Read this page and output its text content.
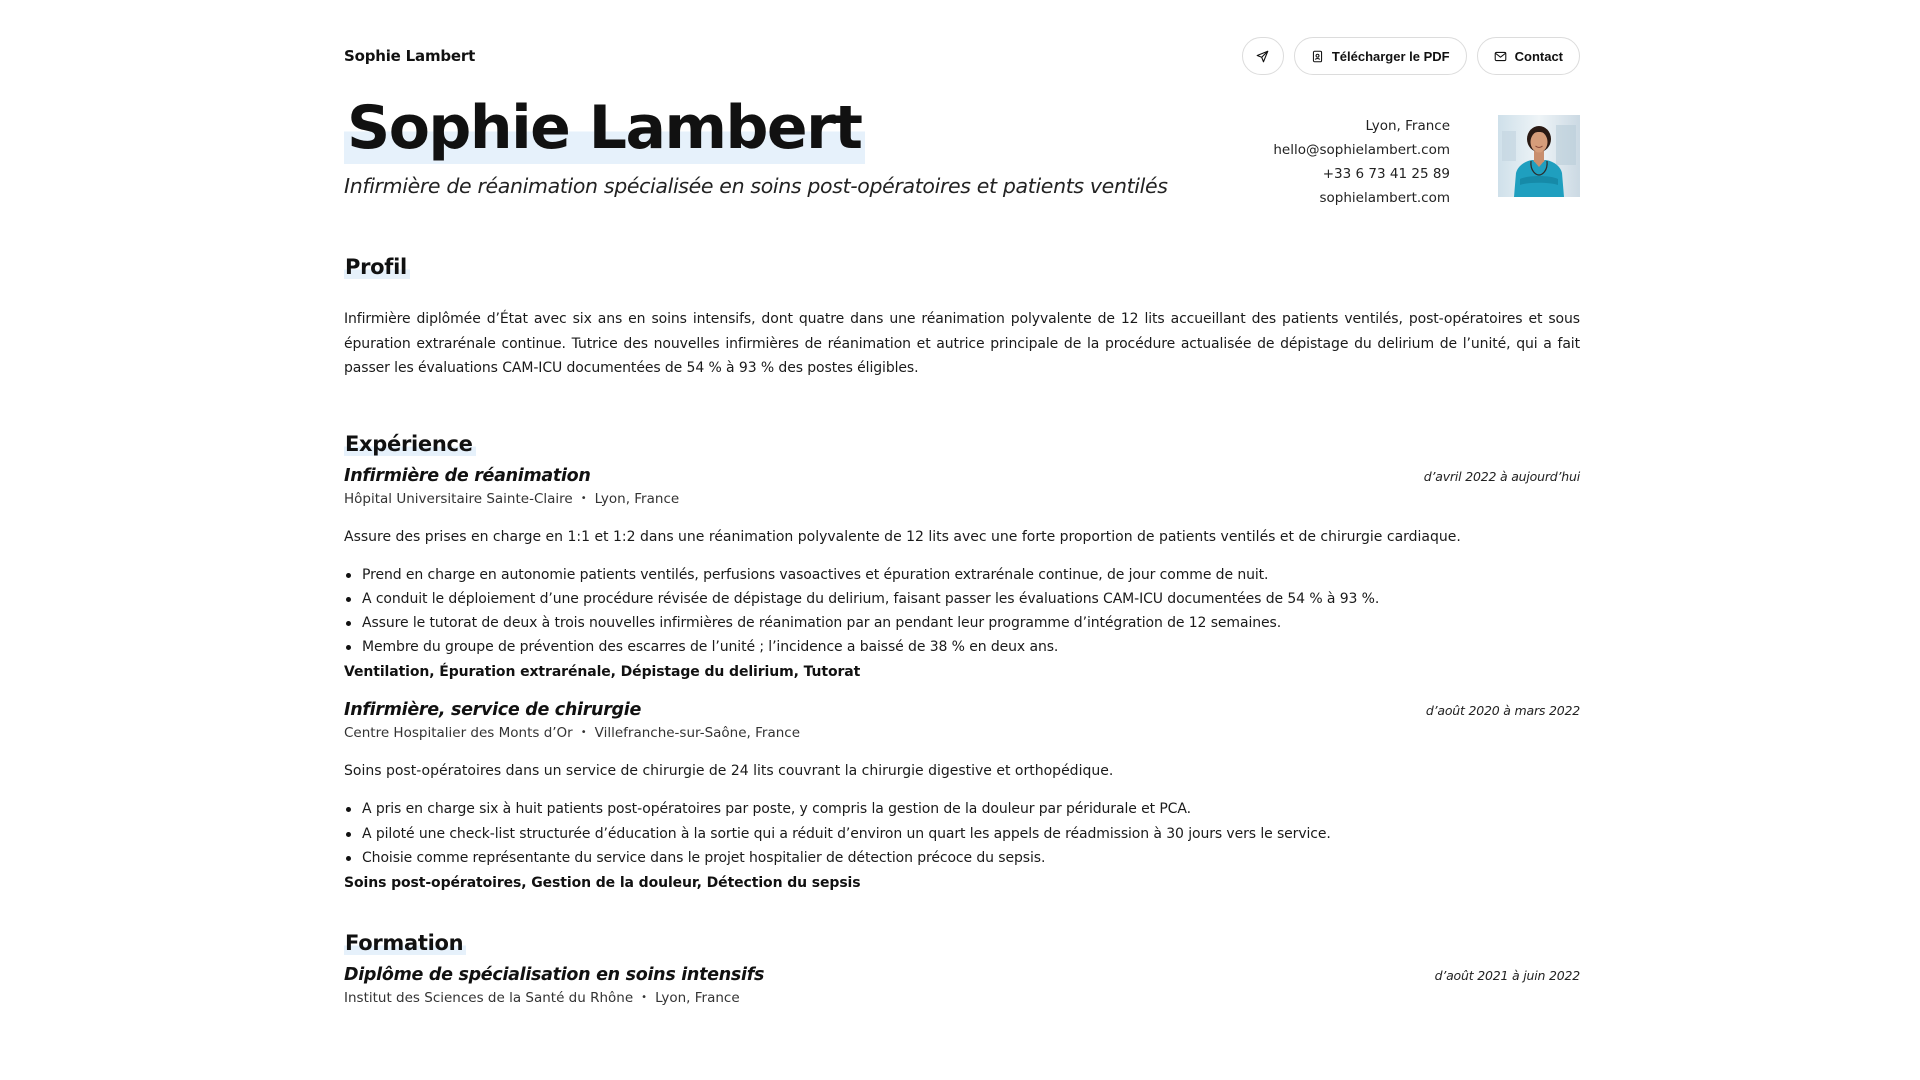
Sophie Lambert	Télécharger le PDF	Contact
Sophie Lambert
Infirmière de réanimation spécialisée en soins post-opératoires et patients ventilés
Lyon, France
hello@sophielambert.com
+33 6 73 41 25 89
sophielambert.com
Profil
Infirmière diplômée d’État avec six ans en soins intensifs, dont quatre dans une réanimation polyvalente de 12 lits accueillant des patients ventilés, post-opératoires et sous épuration extrarénale continue. Tutrice des nouvelles infirmières de réanimation et autrice principale de la procédure actualisée de dépistage du delirium de l’unité, qui a fait passer les évaluations CAM-ICU documentées de 54 % à 93 % des postes éligibles.
Expérience
Infirmière de réanimation	d’avril 2022 à aujourd’hui
Hôpital Universitaire Sainte-Claire • Lyon, France
Assure des prises en charge en 1:1 et 1:2 dans une réanimation polyvalente de 12 lits avec une forte proportion de patients ventilés et de chirurgie cardiaque.
Prend en charge en autonomie patients ventilés, perfusions vasoactives et épuration extrarénale continue, de jour comme de nuit.
A conduit le déploiement d’une procédure révisée de dépistage du delirium, faisant passer les évaluations CAM-ICU documentées de 54 % à 93 %.
Assure le tutorat de deux à trois nouvelles infirmières de réanimation par an pendant leur programme d’intégration de 12 semaines.
Membre du groupe de prévention des escarres de l’unité ; l’incidence a baissé de 38 % en deux ans.
Ventilation, Épuration extrarénale, Dépistage du delirium, Tutorat
Infirmière, service de chirurgie	d’août 2020 à mars 2022
Centre Hospitalier des Monts d’Or • Villefranche-sur-Saône, France
Soins post-opératoires dans un service de chirurgie de 24 lits couvrant la chirurgie digestive et orthopédique.
A pris en charge six à huit patients post-opératoires par poste, y compris la gestion de la douleur par péridurale et PCA.
A piloté une check-list structurée d’éducation à la sortie qui a réduit d’environ un quart les appels de réadmission à 30 jours vers le service.
Choisie comme représentante du service dans le projet hospitalier de détection précoce du sepsis.
Soins post-opératoires, Gestion de la douleur, Détection du sepsis
Formation
Diplôme de spécialisation en soins intensifs	d’août 2021 à juin 2022
Institut des Sciences de la Santé du Rhône • Lyon, France
